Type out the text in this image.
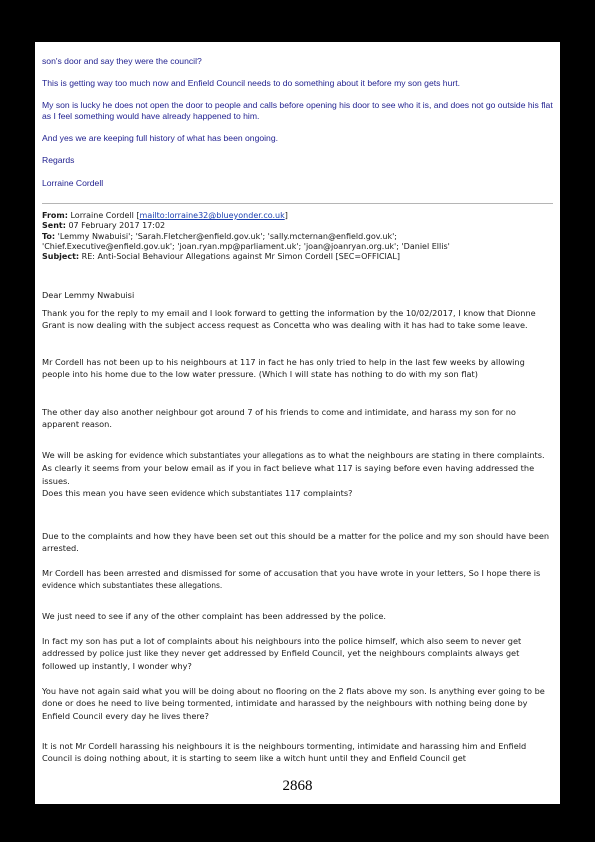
son's door and say they were the council?

This is getting way too much now and Enfield Council needs to do something about it before my son gets hurt.

My son is lucky he does not open the door to people and calls before opening his door to see who it is, and does not go outside his flat as I feel something would have already happened to him.

And yes we are keeping full history of what has been ongoing.

Regards

Lorraine Cordell

From: Lorraine Cordell [mailto:lorraine32@blueyonder.co.uk]
Sent: 07 February 2017 17:02
To: 'Lemmy Nwabuisi'; 'Sarah.Fletcher@enfield.gov.uk'; 'sally.mcternan@enfield.gov.uk';
'Chief.Executive@enfield.gov.uk'; 'joan.ryan.mp@parliament.uk'; 'joan@joanryan.org.uk'; 'Daniel Ellis'
Subject: RE: Anti-Social Behaviour Allegations against Mr Simon Cordell [SEC=OFFICIAL]

Dear Lemmy Nwabuisi

Thank you for the reply to my email and I look forward to getting the information by the 10/02/2017, I know that Dionne Grant is now dealing with the subject access request as Concetta who was dealing with it has had to take some leave.

Mr Cordell has not been up to his neighbours at 117 in fact he has only tried to help in the last few weeks by allowing people into his home due to the low water pressure. (Which I will state has nothing to do with my son flat)

The other day also another neighbour got around 7 of his friends to come and intimidate, and harass my son for no apparent reason.

We will be asking for evidence which substantiates your allegations as to what the neighbours are stating in there complaints.
As clearly it seems from your below email as if you in fact believe what 117 is saying before even having addressed the issues.
Does this mean you have seen evidence which substantiates 117 complaints?

Due to the complaints and how they have been set out this should be a matter for the police and my son should have been arrested.

Mr Cordell has been arrested and dismissed for some of accusation that you have wrote in your letters, So I hope there is evidence which substantiates these allegations.

We just need to see if any of the other complaint has been addressed by the police.

In fact my son has put a lot of complaints about his neighbours into the police himself, which also seem to never get addressed by police just like they never get addressed by Enfield Council, yet the neighbours complaints always get followed up instantly, I wonder why?

You have not again said what you will be doing about no flooring on the 2 flats above my son. Is anything ever going to be done or does he need to live being tormented, intimidate and harassed by the neighbours with nothing being done by Enfield Council every day he lives there?

It is not Mr Cordell harassing his neighbours it is the neighbours tormenting, intimidate and harassing him and Enfield Council is doing nothing about, it is starting to seem like a witch hunt until they and Enfield Council get

2868
